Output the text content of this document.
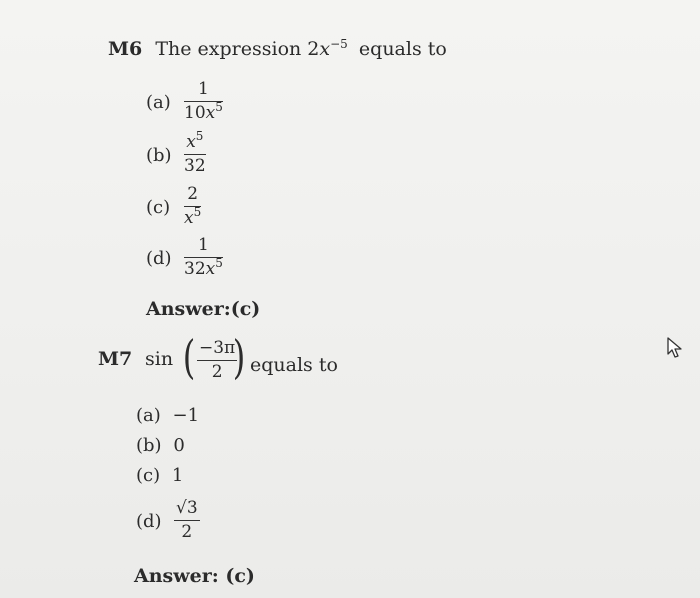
M6 The expression $2x^{-5}$ equals to
(a)
1
$10x^5$
(b)
$x^5$
32
(c)
2
$x^5$
(d)
1
$32x^5$
Answer:(c)
M7 sin ( −3π
2 ) equals to
(a) −1
(b) 0
(c) 1
(d)
√3
2
Answer: (c)
